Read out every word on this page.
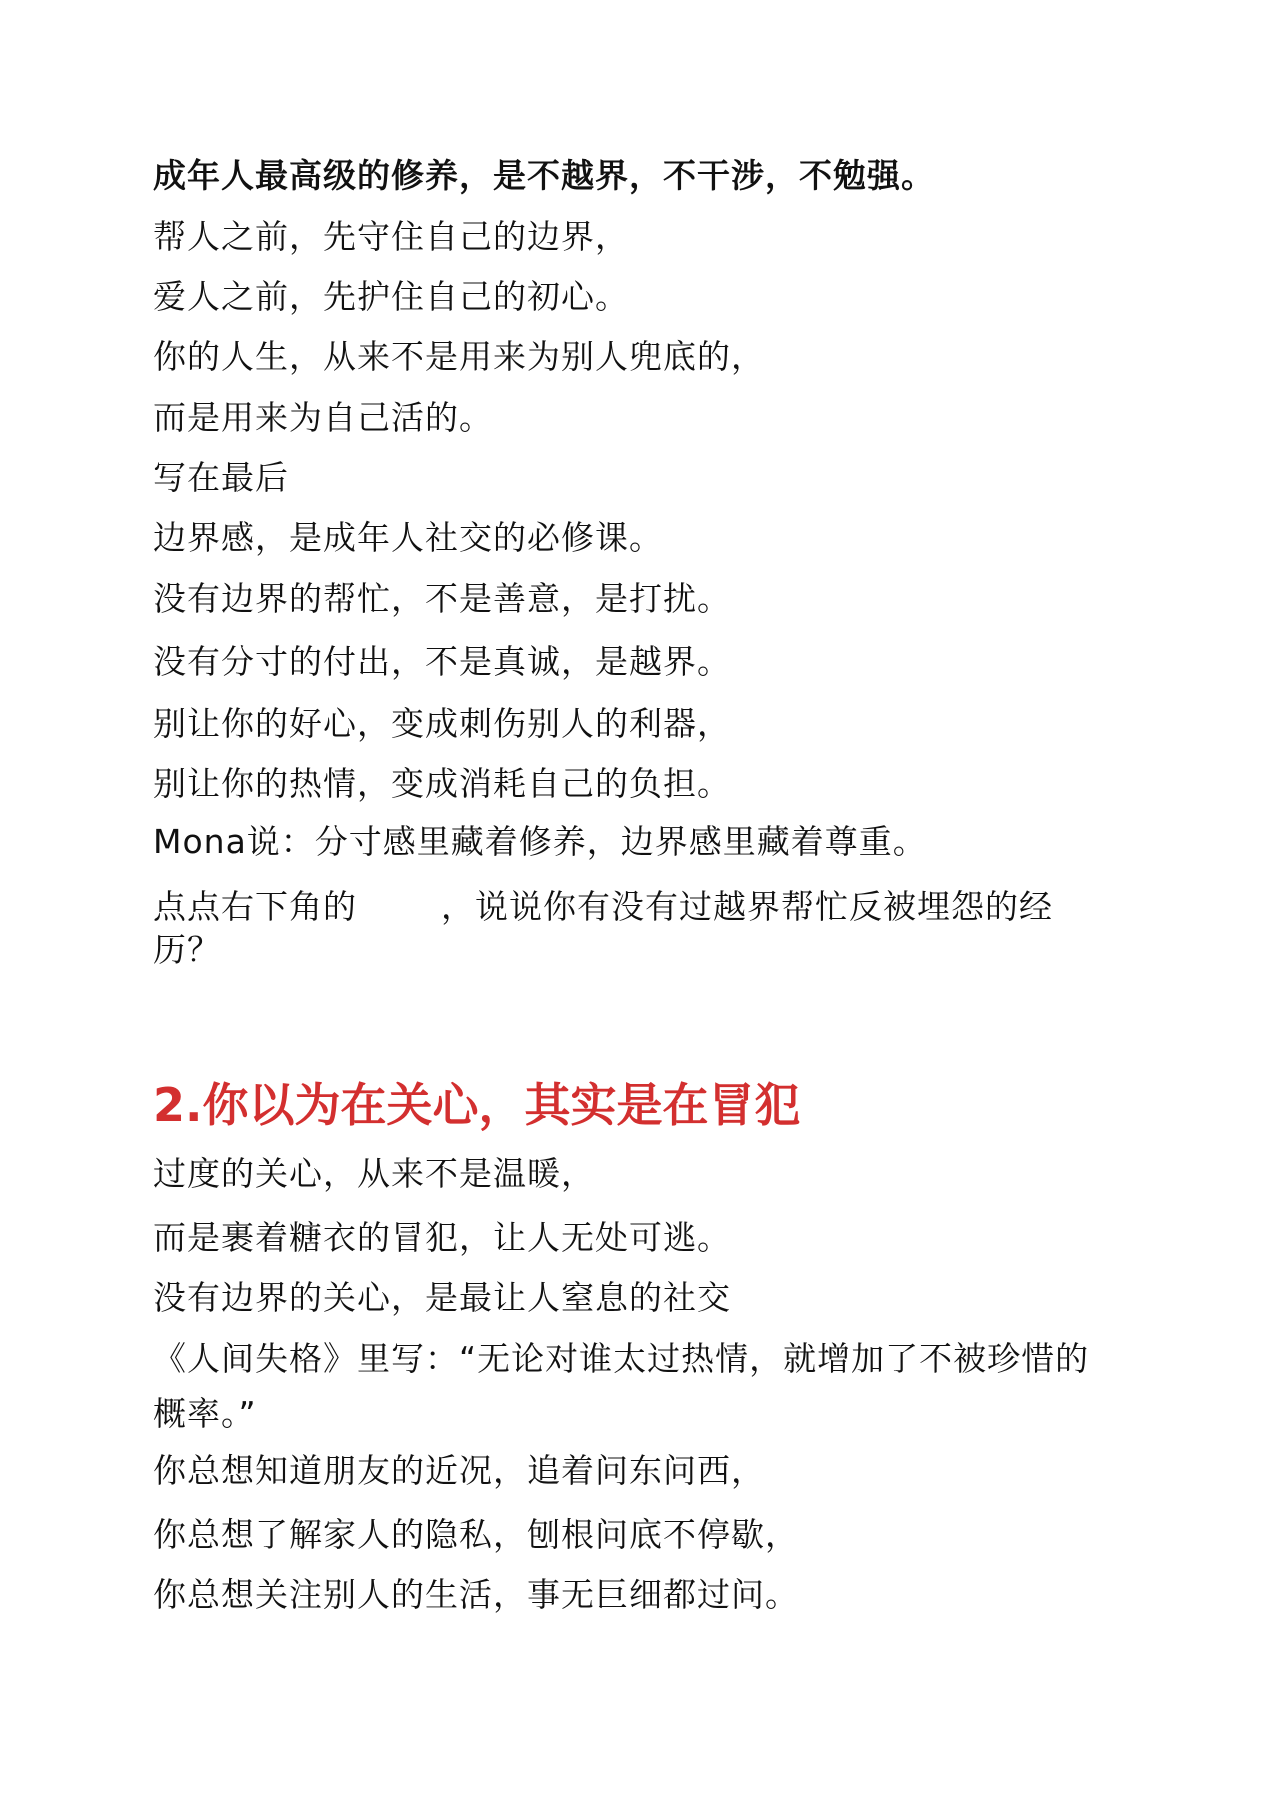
成年人最高级的修养，是不越界，不干涉，不勉强。
帮人之前，先守住自己的边界，
爱人之前，先护住自己的初心。
你的人生，从来不是用来为别人兜底的，
而是用来为自己活的。
写在最后
边界感，是成年人社交的必修课。
没有边界的帮忙，不是善意，是打扰。
没有分寸的付出，不是真诚，是越界。
别让你的好心，变成刺伤别人的利器，
别让你的热情，变成消耗自己的负担。
Mona说：分寸感里藏着修养，边界感里藏着尊重。
点点右下角的	，说说你有没有过越界帮忙反被埋怨的经
历？
2.你以为在关心，其实是在冒犯
过度的关心，从来不是温暖，
而是裹着糖衣的冒犯，让人无处可逃。
没有边界的关心，是最让人窒息的社交
《人间失格》里写：“无论对谁太过热情，就增加了不被珍惜的
概率。”
你总想知道朋友的近况，追着问东问西，
你总想了解家人的隐私，刨根问底不停歇，
你总想关注别人的生活，事无巨细都过问。
